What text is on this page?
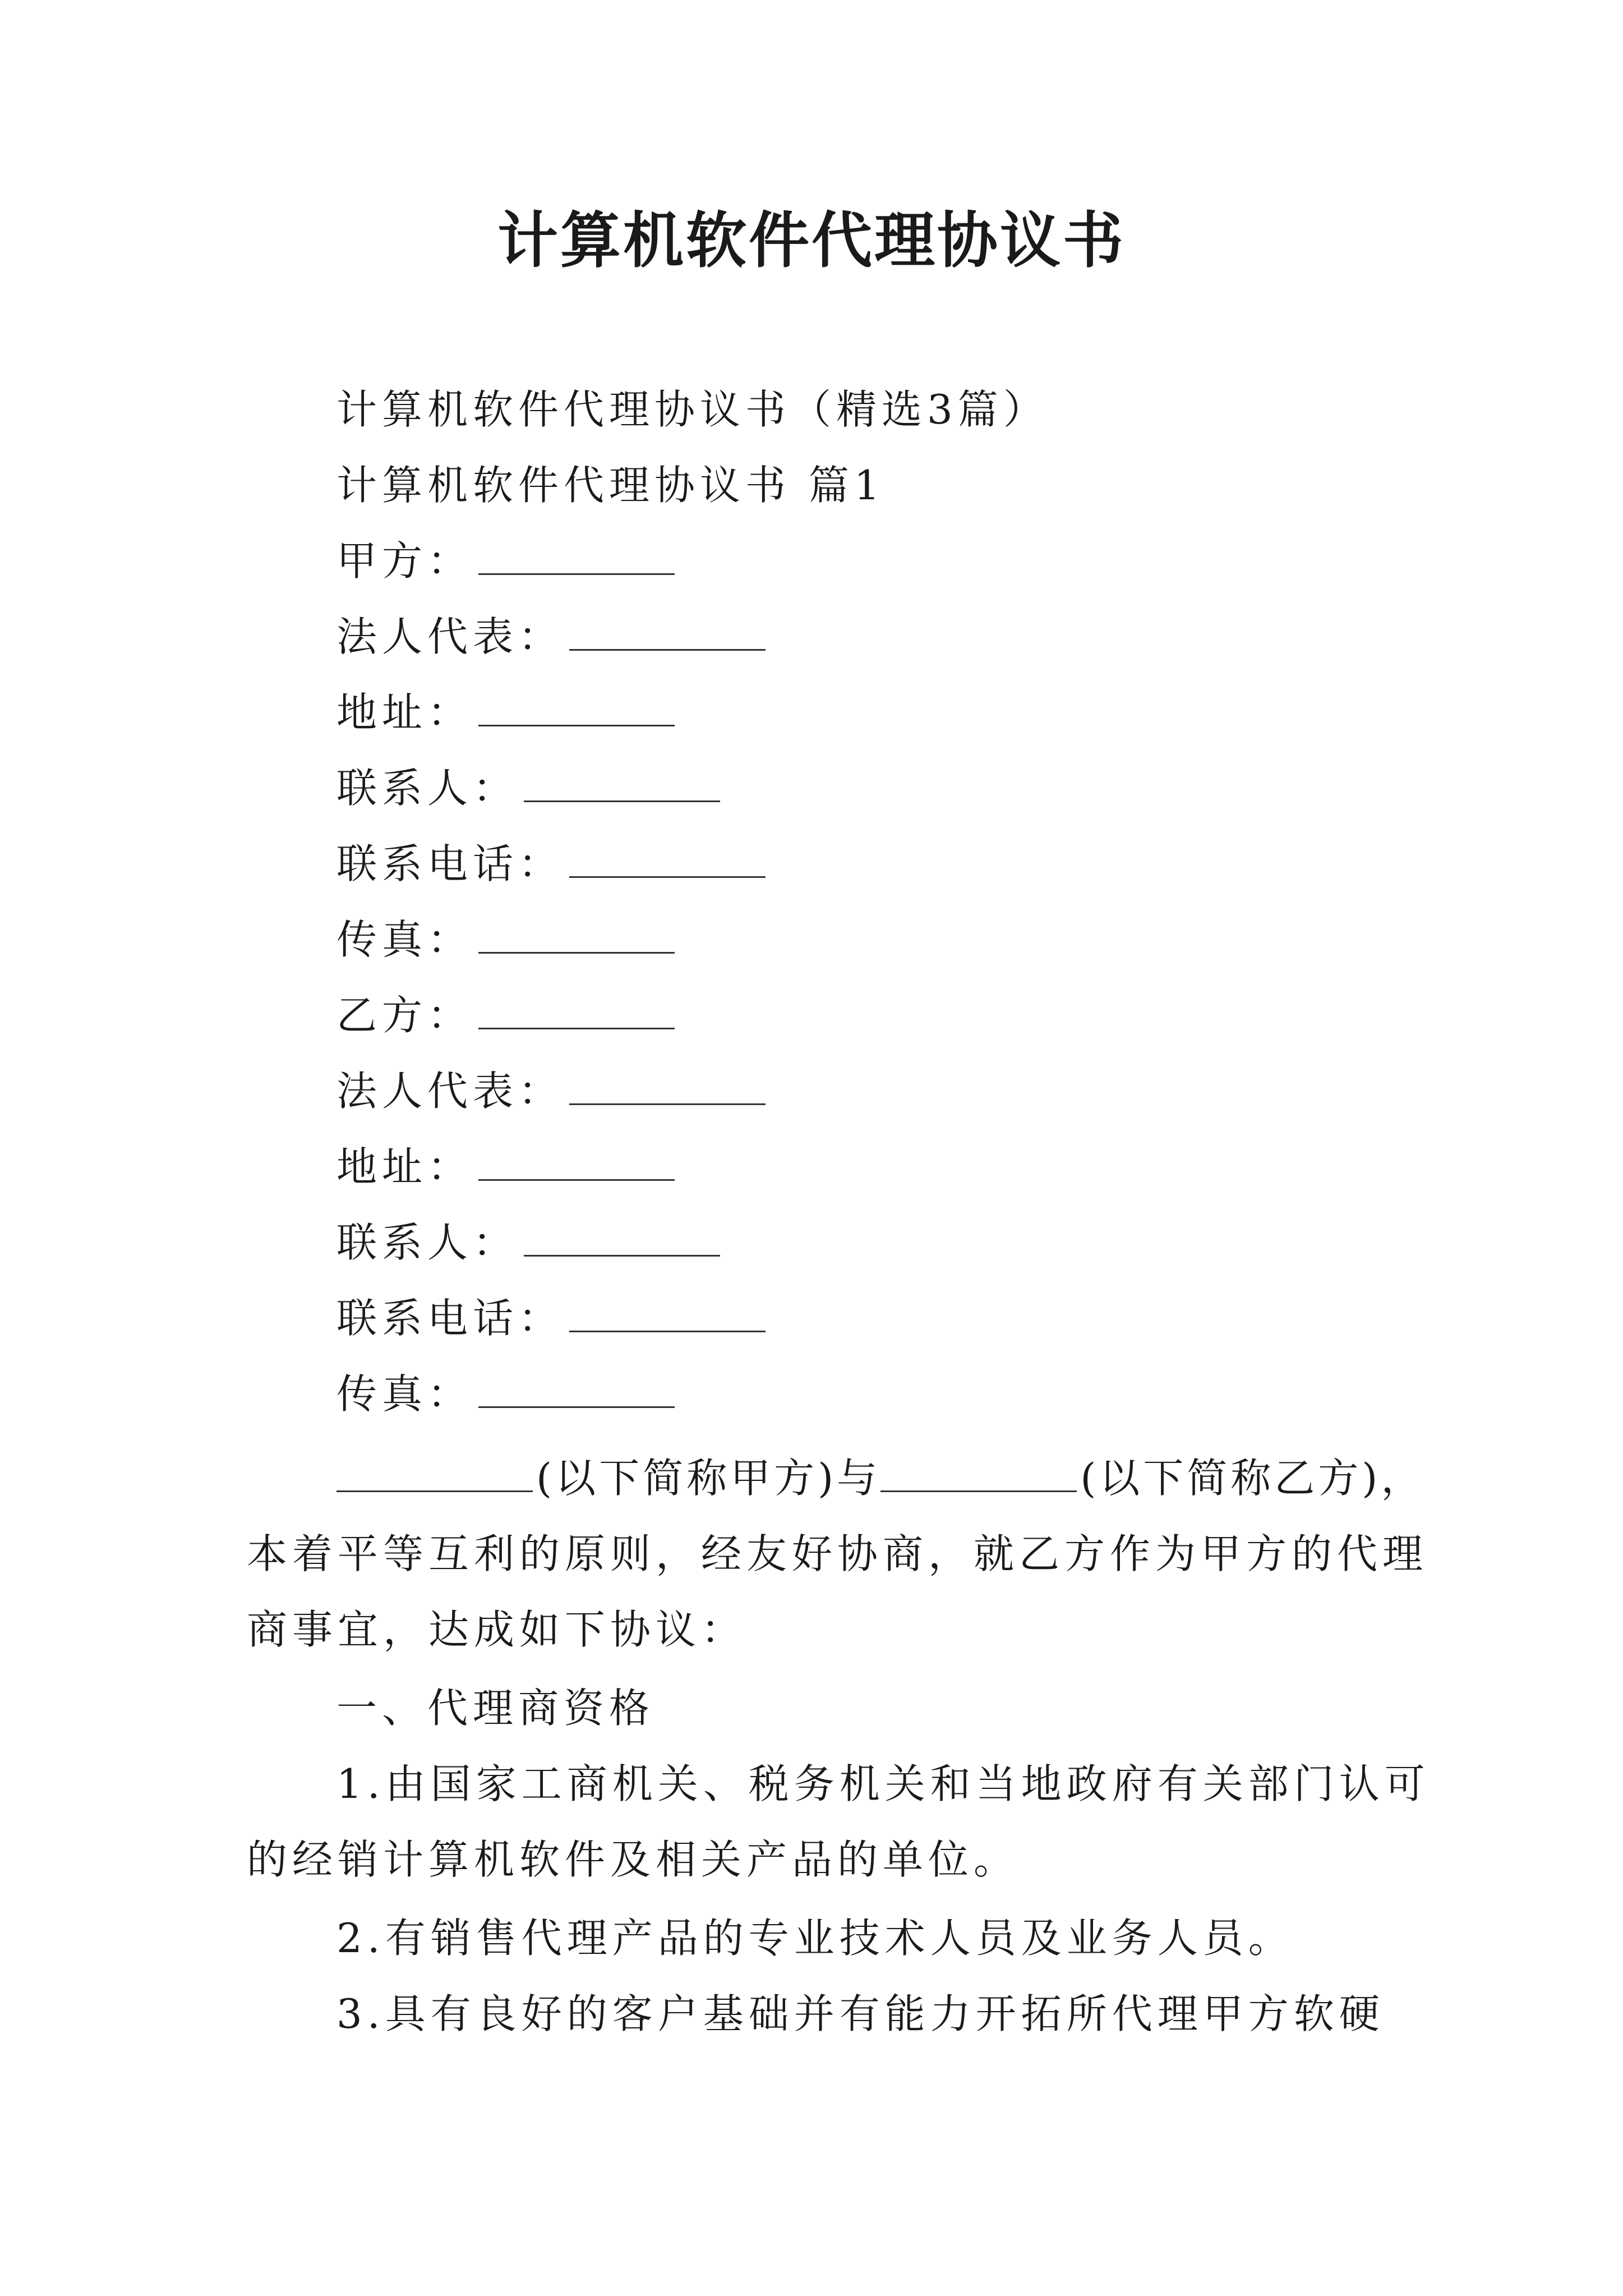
计算机软件代理协议书
计算机软件代理协议书（精选3篇）
计算机软件代理协议书 篇1
甲方：
法人代表：
地址：
联系人：
联系电话：
传真：
乙方：
法人代表：
地址：
联系人：
联系电话：
传真：
(以下简称甲方)与	(以下简称乙方)，
本着平等互利的原则，经友好协商，就乙方作为甲方的代理
商事宜，达成如下协议：
一、代理商资格
1.由国家工商机关、税务机关和当地政府有关部门认可
的经销计算机软件及相关产品的单位。
2.有销售代理产品的专业技术人员及业务人员。
3.具有良好的客户基础并有能力开拓所代理甲方软硬
